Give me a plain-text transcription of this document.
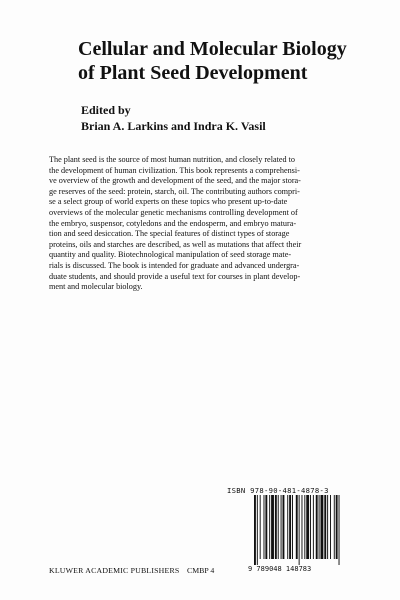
Cellular and Molecular Biology
of Plant Seed Development
Edited by
Brian A. Larkins and Indra K. Vasil
The plant seed is the source of most human nutrition, and closely related to
the development of human civilization. This book represents a comprehensi-
ve overview of the growth and development of the seed, and the major stora-
ge reserves of the seed: protein, starch, oil. The contributing authors compri-
se a select group of world experts on these topics who present up-to-date
overviews of the molecular genetic mechanisms controlling development of
the embryo, suspensor, cotyledons and the endosperm, and embryo matura-
tion and seed desiccation. The special features of distinct types of storage
proteins, oils and starches are described, as well as mutations that affect their
quantity and quality. Biotechnological manipulation of seed storage mate-
rials is discussed. The book is intended for graduate and advanced undergra-
duate students, and should provide a useful text for courses in plant develop-
ment and molecular biology.
ISBN 978-90-481-4878-3
9 789048 148783
KLUWER ACADEMIC PUBLISHERS CMBP 4
